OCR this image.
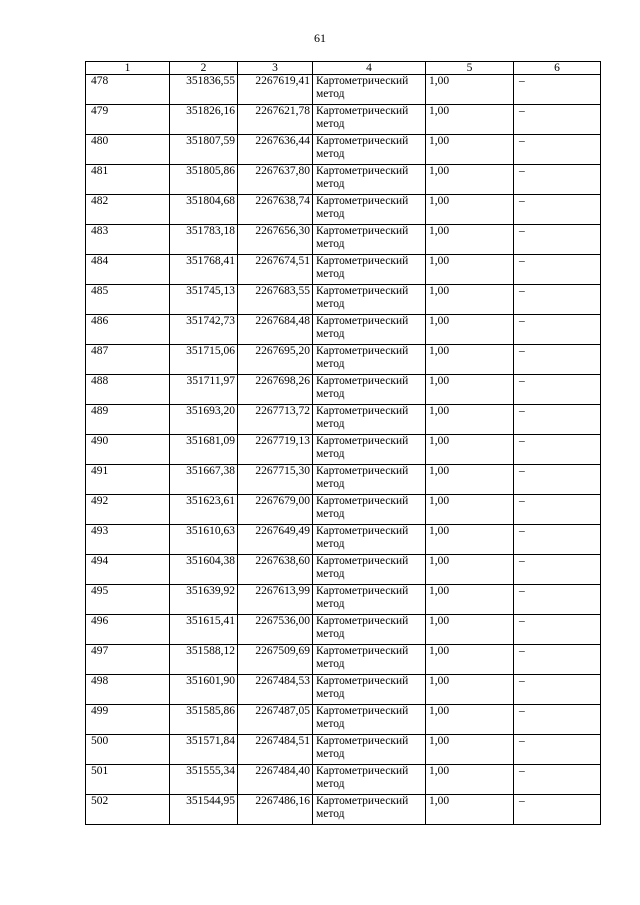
61
1	2	3	4	5	6
478	351836,55	2267619,41	Картометрический метод	1,00	–
479	351826,16	2267621,78	Картометрический метод	1,00	–
480	351807,59	2267636,44	Картометрический метод	1,00	–
481	351805,86	2267637,80	Картометрический метод	1,00	–
482	351804,68	2267638,74	Картометрический метод	1,00	–
483	351783,18	2267656,30	Картометрический метод	1,00	–
484	351768,41	2267674,51	Картометрический метод	1,00	–
485	351745,13	2267683,55	Картометрический метод	1,00	–
486	351742,73	2267684,48	Картометрический метод	1,00	–
487	351715,06	2267695,20	Картометрический метод	1,00	–
488	351711,97	2267698,26	Картометрический метод	1,00	–
489	351693,20	2267713,72	Картометрический метод	1,00	–
490	351681,09	2267719,13	Картометрический метод	1,00	–
491	351667,38	2267715,30	Картометрический метод	1,00	–
492	351623,61	2267679,00	Картометрический метод	1,00	–
493	351610,63	2267649,49	Картометрический метод	1,00	–
494	351604,38	2267638,60	Картометрический метод	1,00	–
495	351639,92	2267613,99	Картометрический метод	1,00	–
496	351615,41	2267536,00	Картометрический метод	1,00	–
497	351588,12	2267509,69	Картометрический метод	1,00	–
498	351601,90	2267484,53	Картометрический метод	1,00	–
499	351585,86	2267487,05	Картометрический метод	1,00	–
500	351571,84	2267484,51	Картометрический метод	1,00	–
501	351555,34	2267484,40	Картометрический метод	1,00	–
502	351544,95	2267486,16	Картометрический метод	1,00	–
